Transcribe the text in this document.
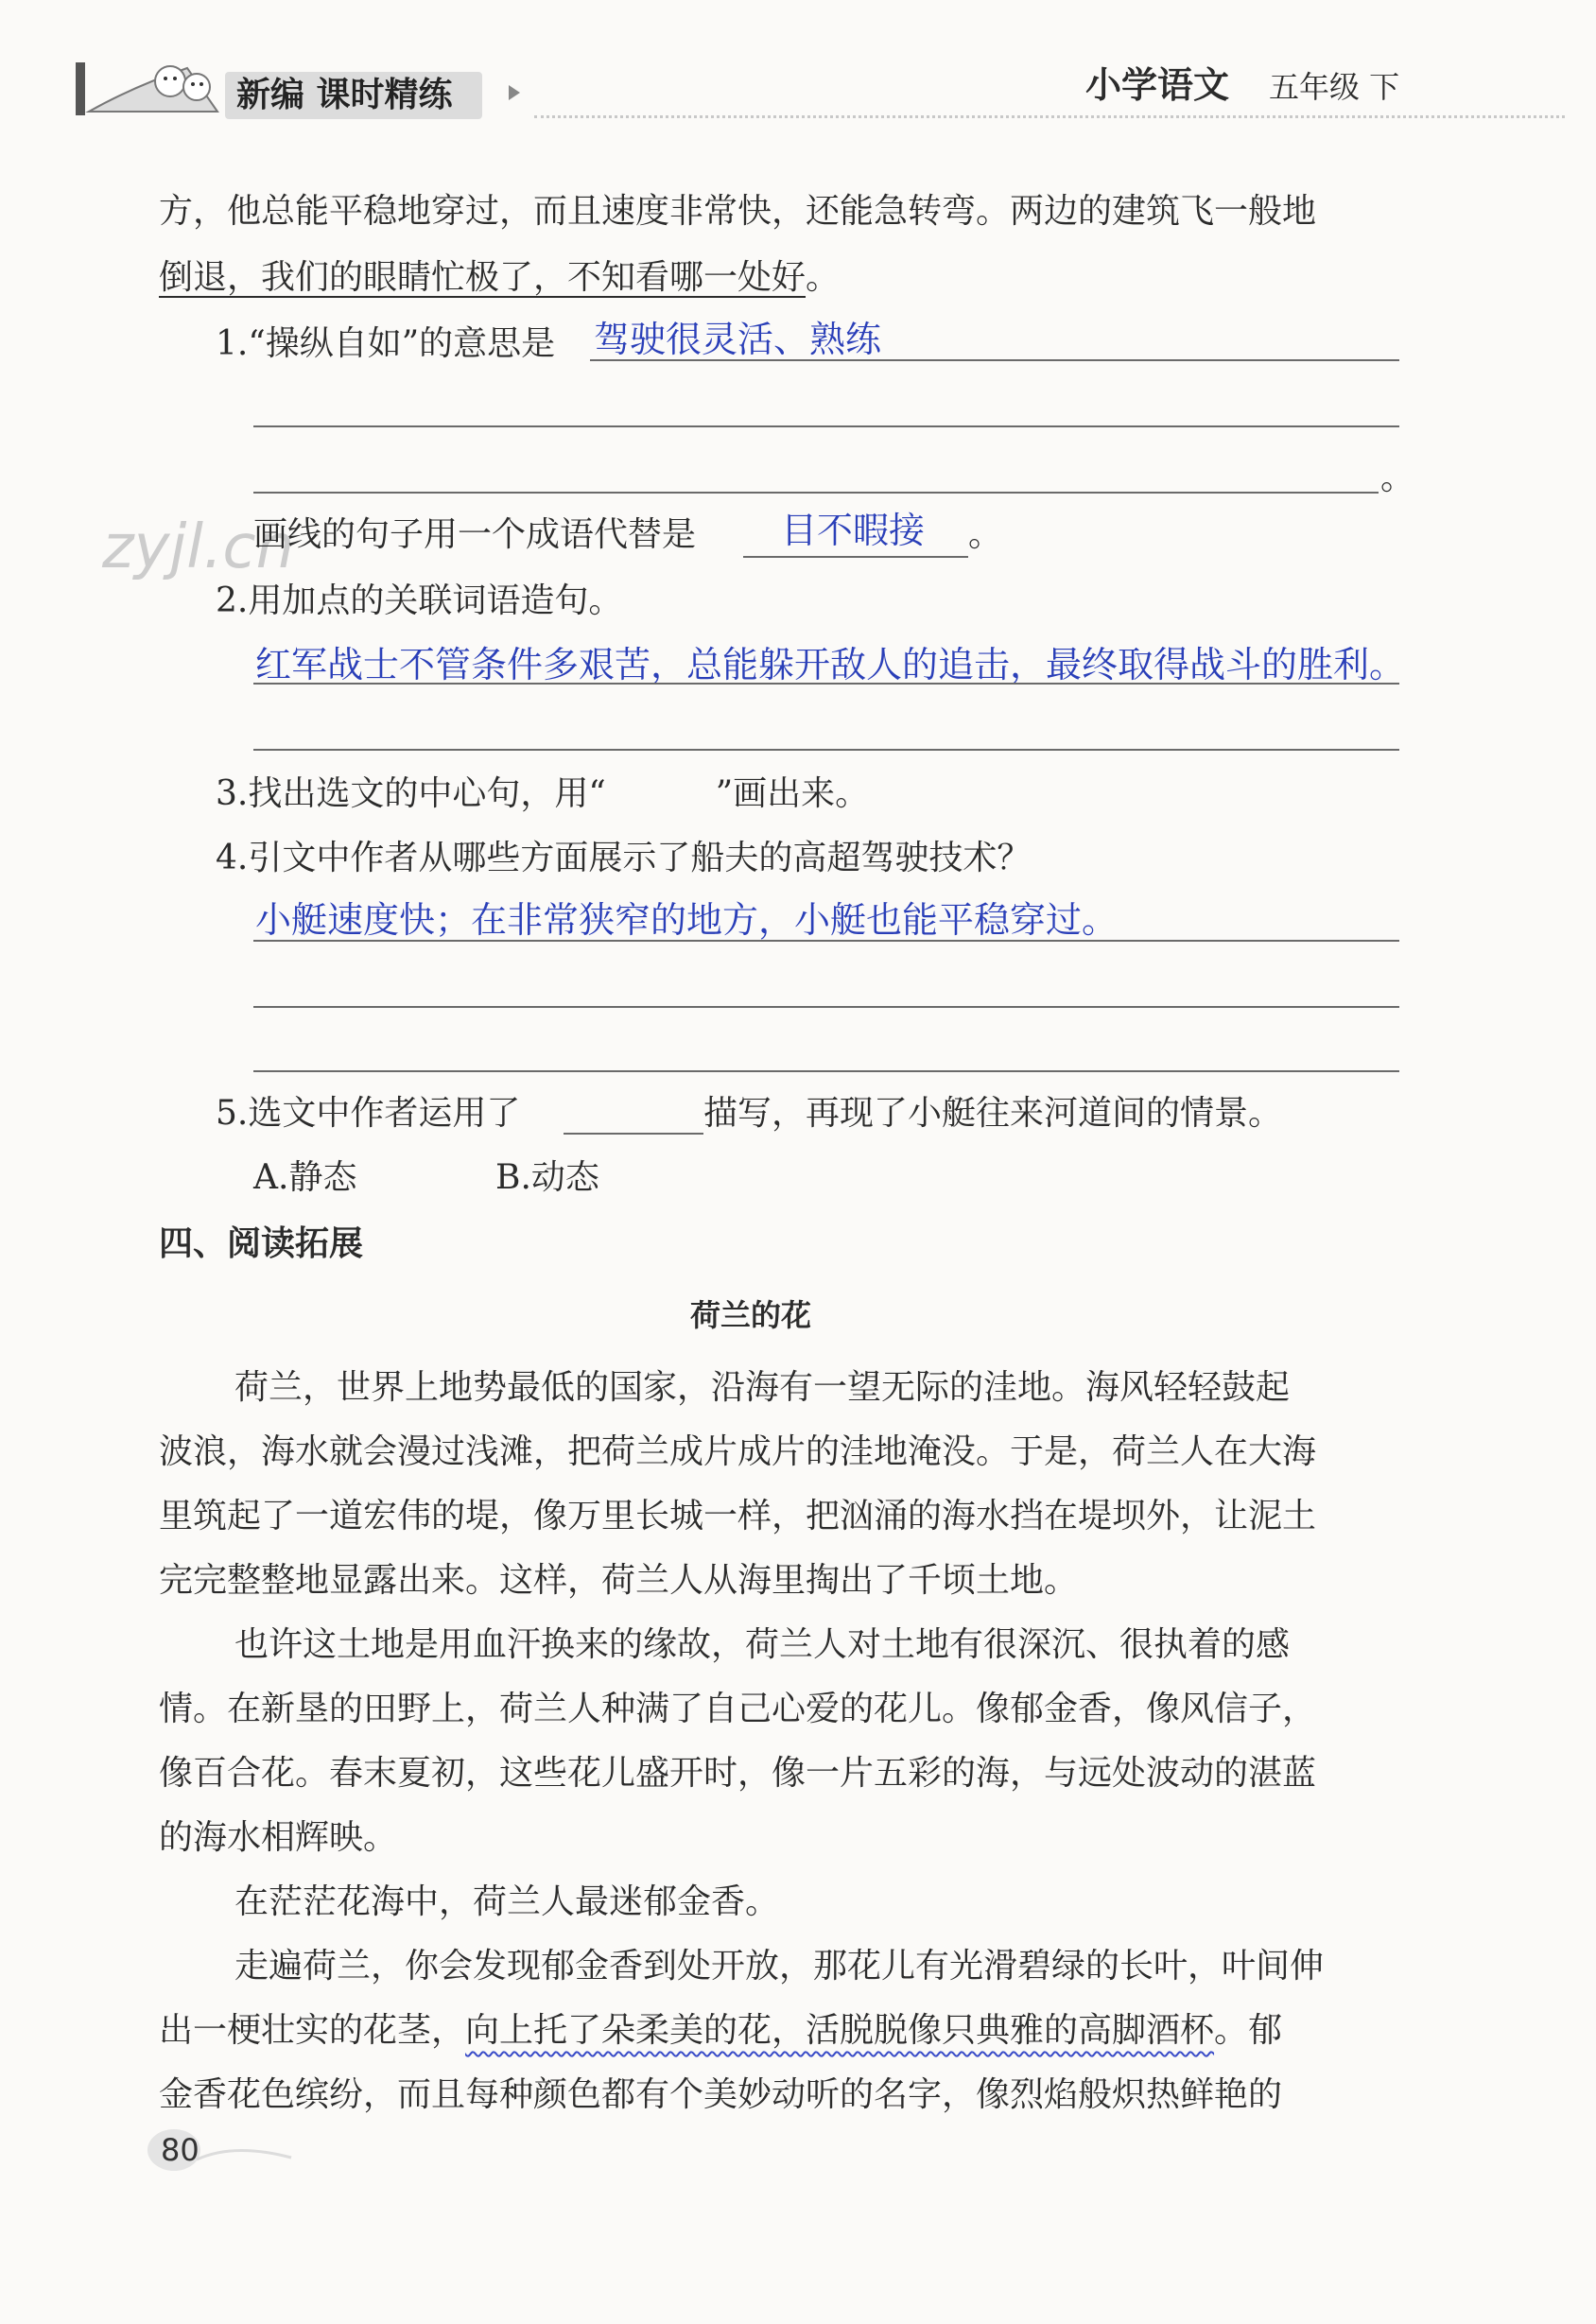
新编 课时精练	小学语文 五年级 下
方，他总能平稳地穿过，而且速度非常快，还能急转弯。两边的建筑飞一般地
倒退，我们的眼睛忙极了，不知看哪一处好。
zyjl.cn
1.“操纵自如”的意思是 驾驶很灵活、熟练
。
画线的句子用一个成语代替是 目不暇接 。
2.用加点的关联词语造句。
红军战士不管条件多艰苦，总能躲开敌人的追击，最终取得战斗的胜利。
3.找出选文的中心句，用“	”画出来。
4.引文中作者从哪些方面展示了船夫的高超驾驶技术？
小艇速度快；在非常狭窄的地方，小艇也能平稳穿过。
5.选文中作者运用了	描写，再现了小艇往来河道间的情景。
A.静态	B.动态
四、阅读拓展
荷兰的花
荷兰，世界上地势最低的国家，沿海有一望无际的洼地。海风轻轻鼓起
波浪，海水就会漫过浅滩，把荷兰成片成片的洼地淹没。于是，荷兰人在大海
里筑起了一道宏伟的堤，像万里长城一样，把汹涌的海水挡在堤坝外，让泥土
完完整整地显露出来。这样，荷兰人从海里掏出了千顷土地。
也许这土地是用血汗换来的缘故，荷兰人对土地有很深沉、很执着的感
情。在新垦的田野上，荷兰人种满了自己心爱的花儿。像郁金香，像风信子，
像百合花。春末夏初，这些花儿盛开时，像一片五彩的海，与远处波动的湛蓝
的海水相辉映。
在茫茫花海中，荷兰人最迷郁金香。
走遍荷兰，你会发现郁金香到处开放，那花儿有光滑碧绿的长叶，叶间伸
出一梗壮实的花茎，向上托了朵柔美的花，活脱脱像只典雅的高脚酒杯。郁
金香花色缤纷，而且每种颜色都有个美妙动听的名字，像烈焰般炽热鲜艳的
80
